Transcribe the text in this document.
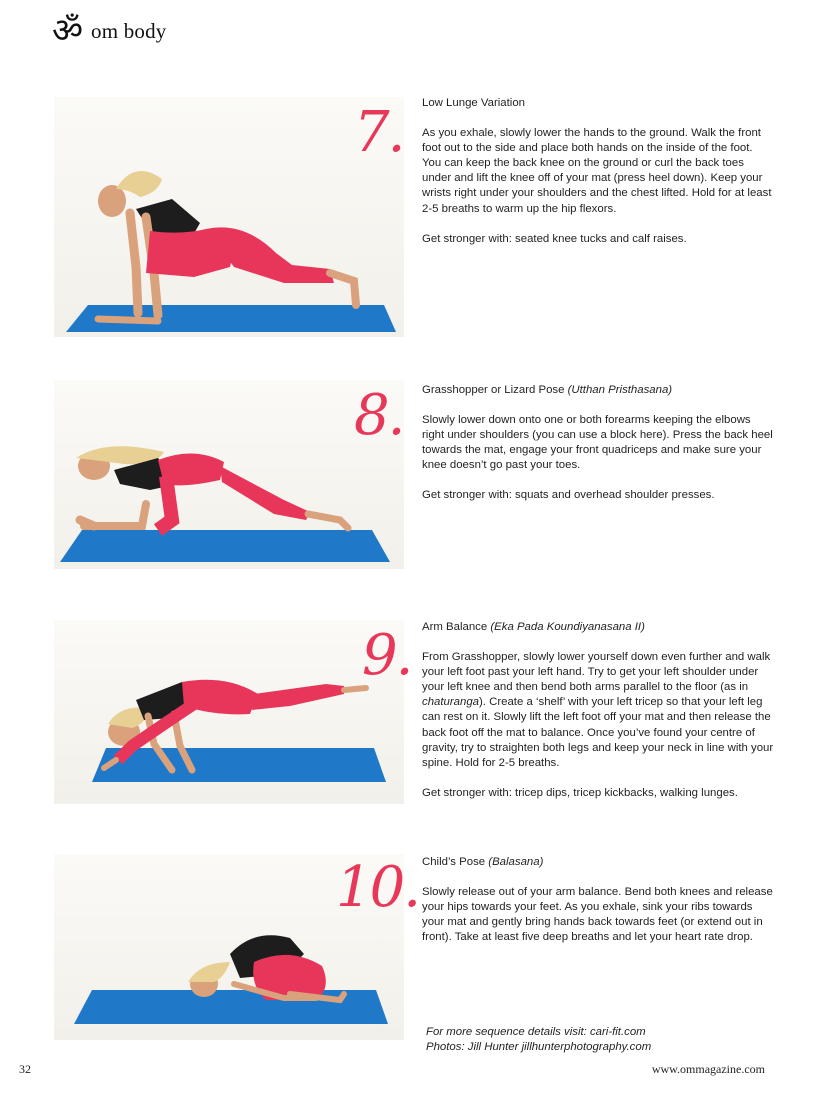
ॐ om body
7. Low Lunge Variation

As you exhale, slowly lower the hands to the ground. Walk the front foot out to the side and place both hands on the inside of the foot. You can keep the back knee on the ground or curl the back toes under and lift the knee off of your mat (press heel down). Keep your wrists right under your shoulders and the chest lifted. Hold for at least 2-5 breaths to warm up the hip flexors.

Get stronger with: seated knee tucks and calf raises.

8. Grasshopper or Lizard Pose (Utthan Pristhasana)

Slowly lower down onto one or both forearms keeping the elbows right under shoulders (you can use a block here). Press the back heel towards the mat, engage your front quadriceps and make sure your knee doesn’t go past your toes.

Get stronger with: squats and overhead shoulder presses.

9. Arm Balance (Eka Pada Koundiyanasana II)

From Grasshopper, slowly lower yourself down even further and walk your left foot past your left hand. Try to get your left shoulder under your left knee and then bend both arms parallel to the floor (as in chaturanga). Create a ‘shelf’ with your left tricep so that your left leg can rest on it. Slowly lift the left foot off your mat and then release the back foot off the mat to balance. Once you’ve found your centre of gravity, try to straighten both legs and keep your neck in line with your spine. Hold for 2-5 breaths.

Get stronger with: tricep dips, tricep kickbacks, walking lunges.

10. Child’s Pose (Balasana)

Slowly release out of your arm balance. Bend both knees and release your hips towards your feet. As you exhale, sink your ribs towards your mat and gently bring hands back towards feet (or extend out in front). Take at least five deep breaths and let your heart rate drop.

For more sequence details visit: cari-fit.com
Photos: Jill Hunter jillhunterphotography.com
32	www.ommagazine.com
